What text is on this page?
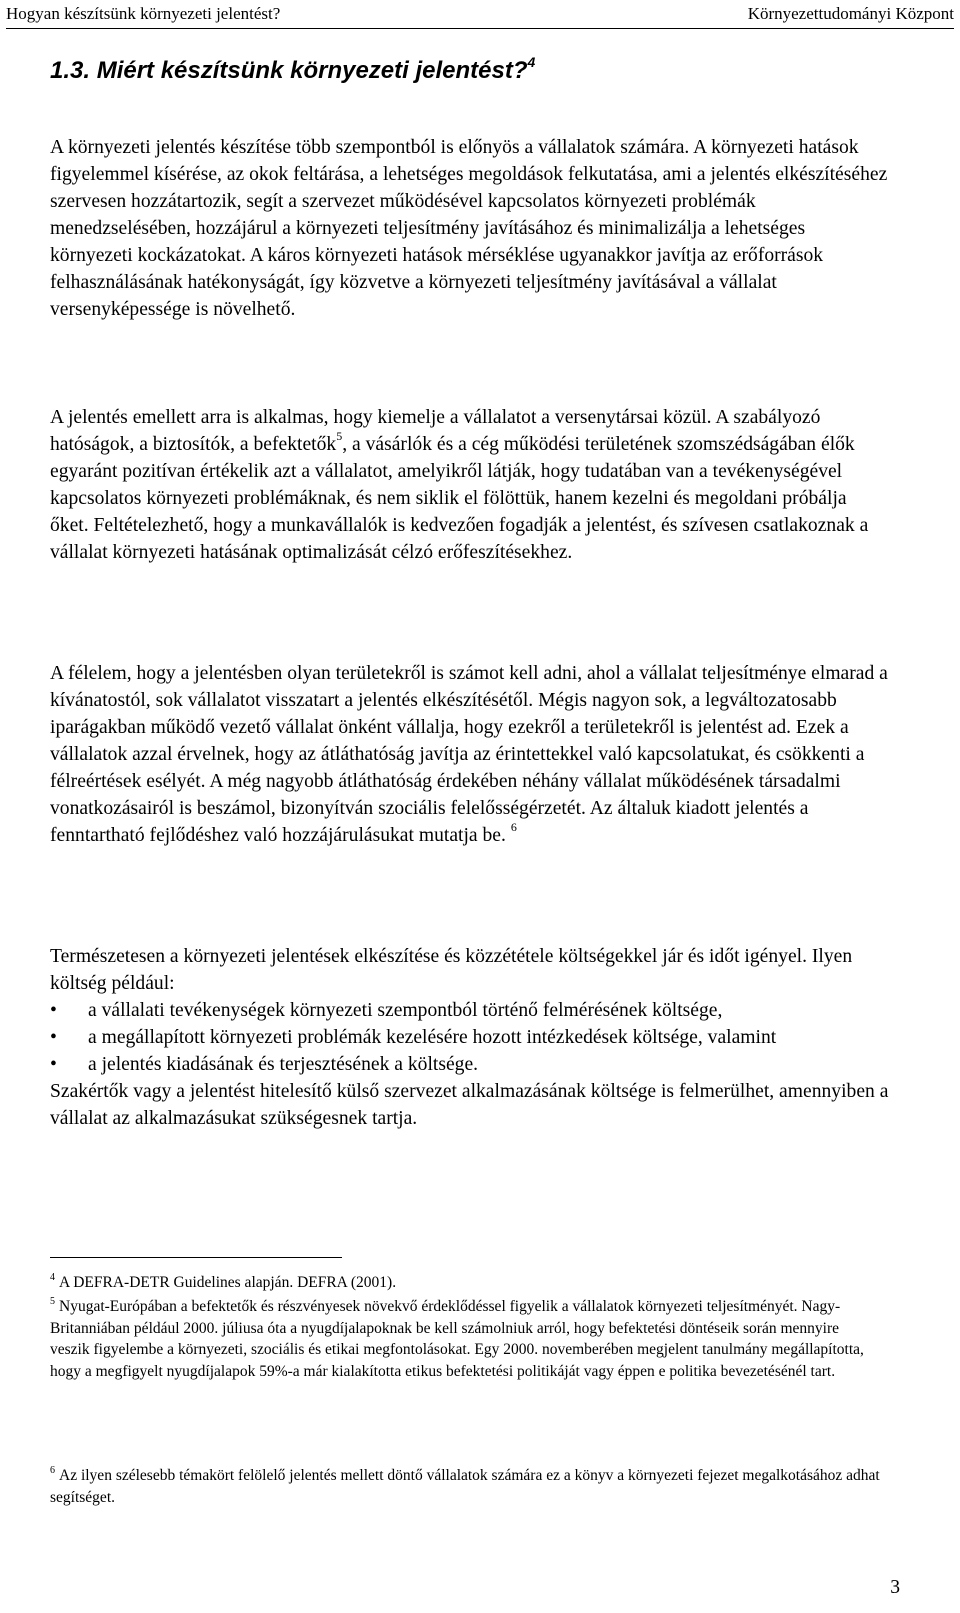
Hogyan készítsünk környezeti jelentést?	Környezettudományi Központ
1.3. Miért készítsünk környezeti jelentést?$^4$

A környezeti jelentés készítése több szempontból is előnyös a vállalatok számára. A környezeti hatások figyelemmel kísérése, az okok feltárása, a lehetséges megoldások felkutatása, ami a jelentés elkészítéséhez szervesen hozzátartozik, segít a szervezet működésével kapcsolatos környezeti problémák menedzselésében, hozzájárul a környezeti teljesítmény javításához és minimalizálja a lehetséges környezeti kockázatokat. A káros környezeti hatások mérséklése ugyanakkor javítja az erőforrások felhasználásának hatékonyságát, így közvetve a környezeti teljesítmény javításával a vállalat versenyképessége is növelhető.

A jelentés emellett arra is alkalmas, hogy kiemelje a vállalatot a versenytársai közül. A szabályozó hatóságok, a biztosítók, a befektetők$^5$, a vásárlók és a cég működési területének szomszédságában élők egyaránt pozitívan értékelik azt a vállalatot, amelyikről látják, hogy tudatában van a tevékenységével kapcsolatos környezeti problémáknak, és nem siklik el fölöttük, hanem kezelni és megoldani próbálja őket. Feltételezhető, hogy a munkavállalók is kedvezően fogadják a jelentést, és szívesen csatlakoznak a vállalat környezeti hatásának optimalizását célzó erőfeszítésekhez.

A félelem, hogy a jelentésben olyan területekről is számot kell adni, ahol a vállalat teljesítménye elmarad a kívánatostól, sok vállalatot visszatart a jelentés elkészítésétől. Mégis nagyon sok, a legváltozatosabb iparágakban működő vezető vállalat önként vállalja, hogy ezekről a területekről is jelentést ad. Ezek a vállalatok azzal érvelnek, hogy az átláthatóság javítja az érintettekkel való kapcsolatukat, és csökkenti a félreértések esélyét. A még nagyobb átláthatóság érdekében néhány vállalat működésének társadalmi vonatkozásairól is beszámol, bizonyítván szociális felelősségérzetét. Az általuk kiadott jelentés a fenntartható fejlődéshez való hozzájárulásukat mutatja be. $^6$

Természetesen a környezeti jelentések elkészítése és közzététele költségekkel jár és időt igényel. Ilyen költség például:

• a vállalati tevékenységek környezeti szempontból történő felmérésének költsége,
• a megállapított környezeti problémák kezelésére hozott intézkedések költsége, valamint
• a jelentés kiadásának és terjesztésének a költsége.

Szakértők vagy a jelentést hitelesítő külső szervezet alkalmazásának költsége is felmerülhet, amennyiben a vállalat az alkalmazásukat szükségesnek tartja.

$^4$ A DEFRA-DETR Guidelines alapján. DEFRA (2001).

$^5$ Nyugat-Európában a befektetők és részvényesek növekvő érdeklődéssel figyelik a vállalatok környezeti teljesítményét. Nagy-Britanniában például 2000. júliusa óta a nyugdíjalapoknak be kell számolniuk arról, hogy befektetési döntéseik során mennyire veszik figyelembe a környezeti, szociális és etikai megfontolásokat. Egy 2000. novemberében megjelent tanulmány megállapította, hogy a megfigyelt nyugdíjalapok 59%-a már kialakította etikus befektetési politikáját vagy éppen e politika bevezetésénél tart.

$^6$ Az ilyen szélesebb témakört felölelő jelentés mellett döntő vállalatok számára ez a könyv a környezeti fejezet megalkotásához adhat segítséget.

3
